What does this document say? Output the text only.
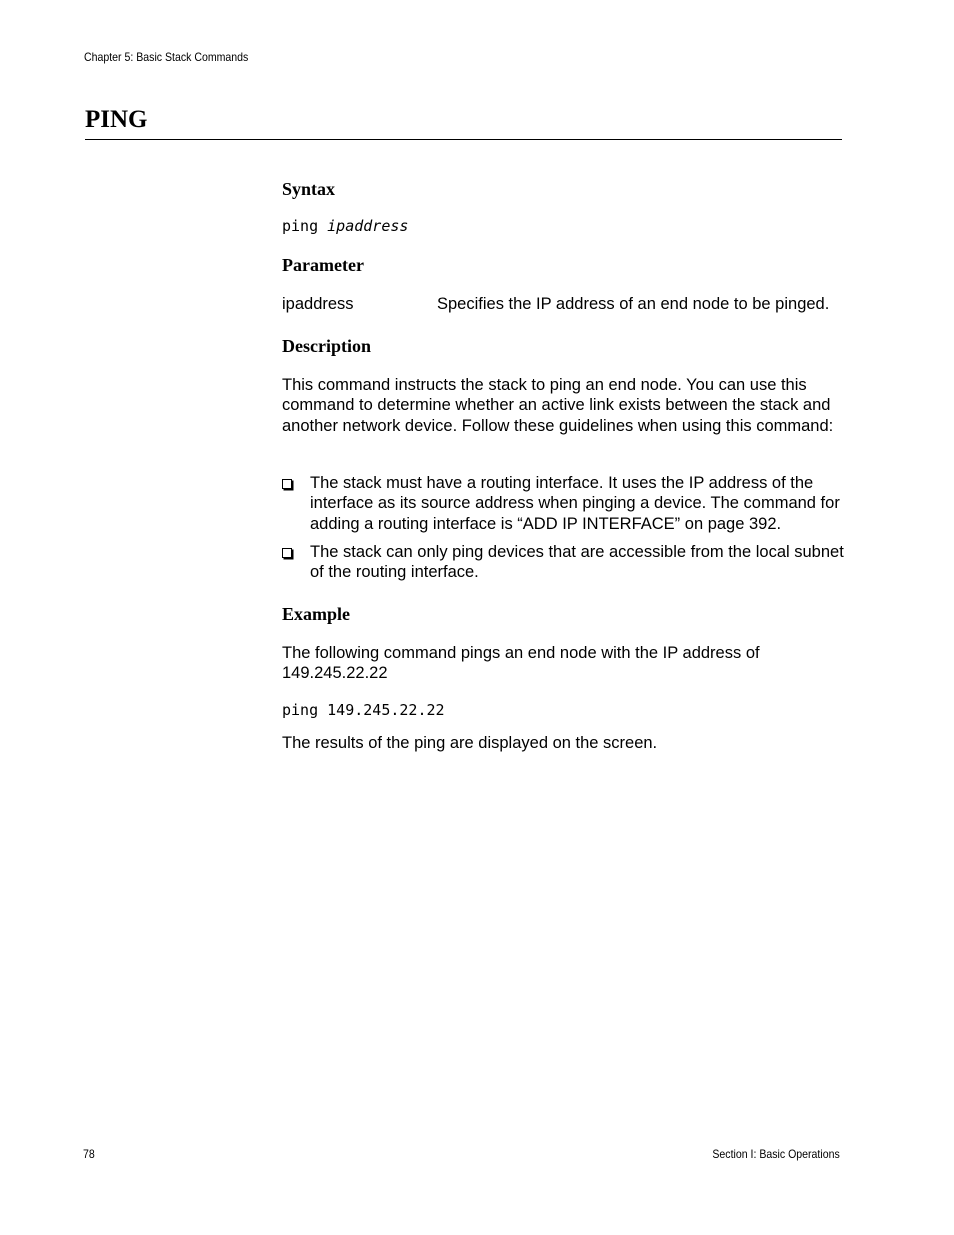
Chapter 5: Basic Stack Commands
PING
Syntax
ping ipaddress
Parameter
ipaddress	Specifies the IP address of an end node to be pinged.
Description
This command instructs the stack to ping an end node. You can use this command to determine whether an active link exists between the stack and another network device. Follow these guidelines when using this command:
The stack must have a routing interface. It uses the IP address of the interface as its source address when pinging a device. The command for adding a routing interface is “ADD IP INTERFACE” on page 392.
The stack can only ping devices that are accessible from the local subnet of the routing interface.
Example
The following command pings an end node with the IP address of 149.245.22.22
ping 149.245.22.22
The results of the ping are displayed on the screen.
78	Section I: Basic Operations
